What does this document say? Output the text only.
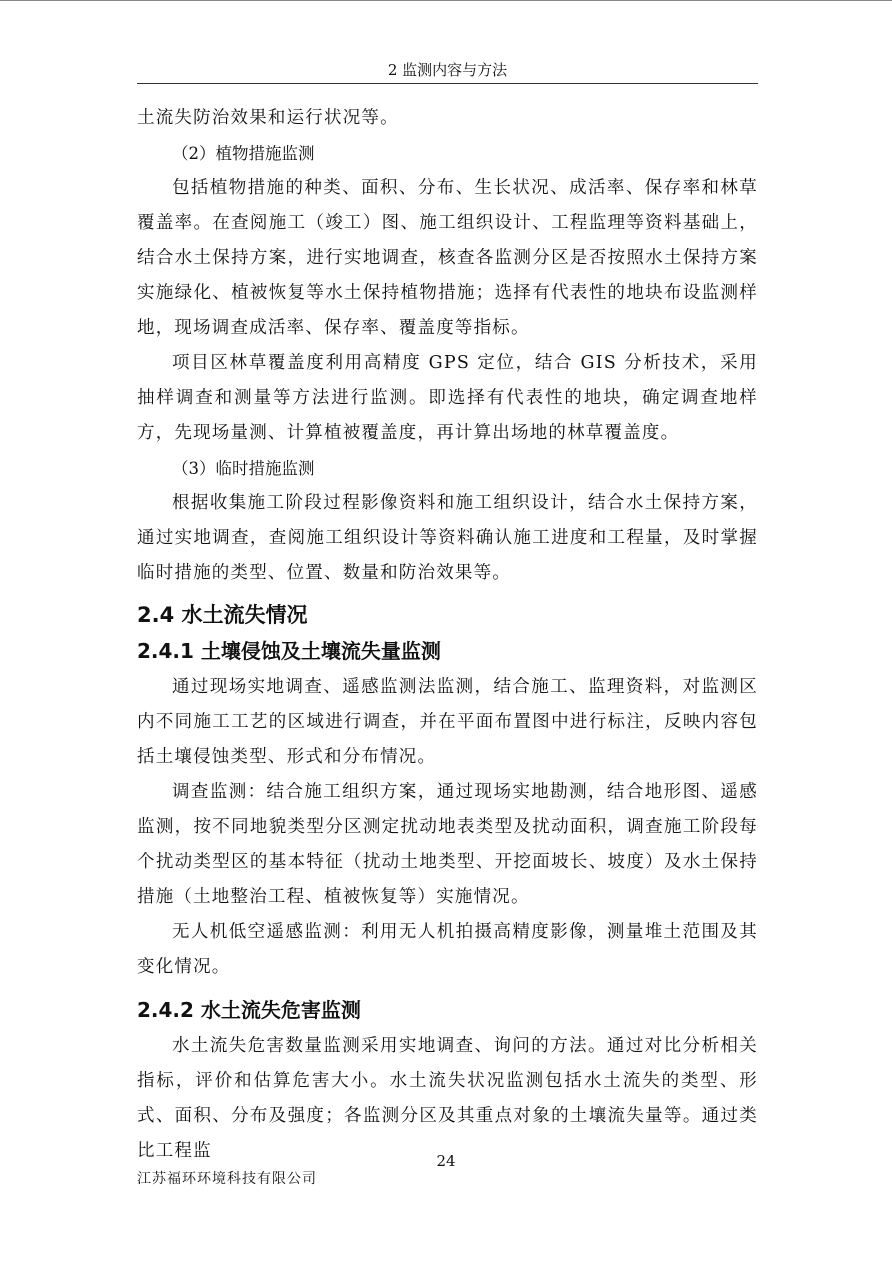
2 监测内容与方法

土流失防治效果和运行状况等。

（2）植物措施监测

包括植物措施的种类、面积、分布、生长状况、成活率、保存率和林草覆盖率。在查阅施工（竣工）图、施工组织设计、工程监理等资料基础上，结合水土保持方案，进行实地调查，核查各监测分区是否按照水土保持方案实施绿化、植被恢复等水土保持植物措施；选择有代表性的地块布设监测样地，现场调查成活率、保存率、覆盖度等指标。

项目区林草覆盖度利用高精度 GPS 定位，结合 GIS 分析技术，采用抽样调查和测量等方法进行监测。即选择有代表性的地块，确定调查地样方，先现场量测、计算植被覆盖度，再计算出场地的林草覆盖度。

（3）临时措施监测

根据收集施工阶段过程影像资料和施工组织设计，结合水土保持方案，通过实地调查，查阅施工组织设计等资料确认施工进度和工程量，及时掌握临时措施的类型、位置、数量和防治效果等。

2.4 水土流失情况
2.4.1 土壤侵蚀及土壤流失量监测

通过现场实地调查、遥感监测法监测，结合施工、监理资料，对监测区内不同施工工艺的区域进行调查，并在平面布置图中进行标注，反映内容包括土壤侵蚀类型、形式和分布情况。

调查监测：结合施工组织方案，通过现场实地勘测，结合地形图、遥感监测，按不同地貌类型分区测定扰动地表类型及扰动面积，调查施工阶段每个扰动类型区的基本特征（扰动土地类型、开挖面坡长、坡度）及水土保持措施（土地整治工程、植被恢复等）实施情况。

无人机低空遥感监测：利用无人机拍摄高精度影像，测量堆土范围及其变化情况。

2.4.2 水土流失危害监测

水土流失危害数量监测采用实地调查、询问的方法。通过对比分析相关指标，评价和估算危害大小。水土流失状况监测包括水土流失的类型、形式、面积、分布及强度；各监测分区及其重点对象的土壤流失量等。通过类比工程监	24
江苏福环环境科技有限公司
